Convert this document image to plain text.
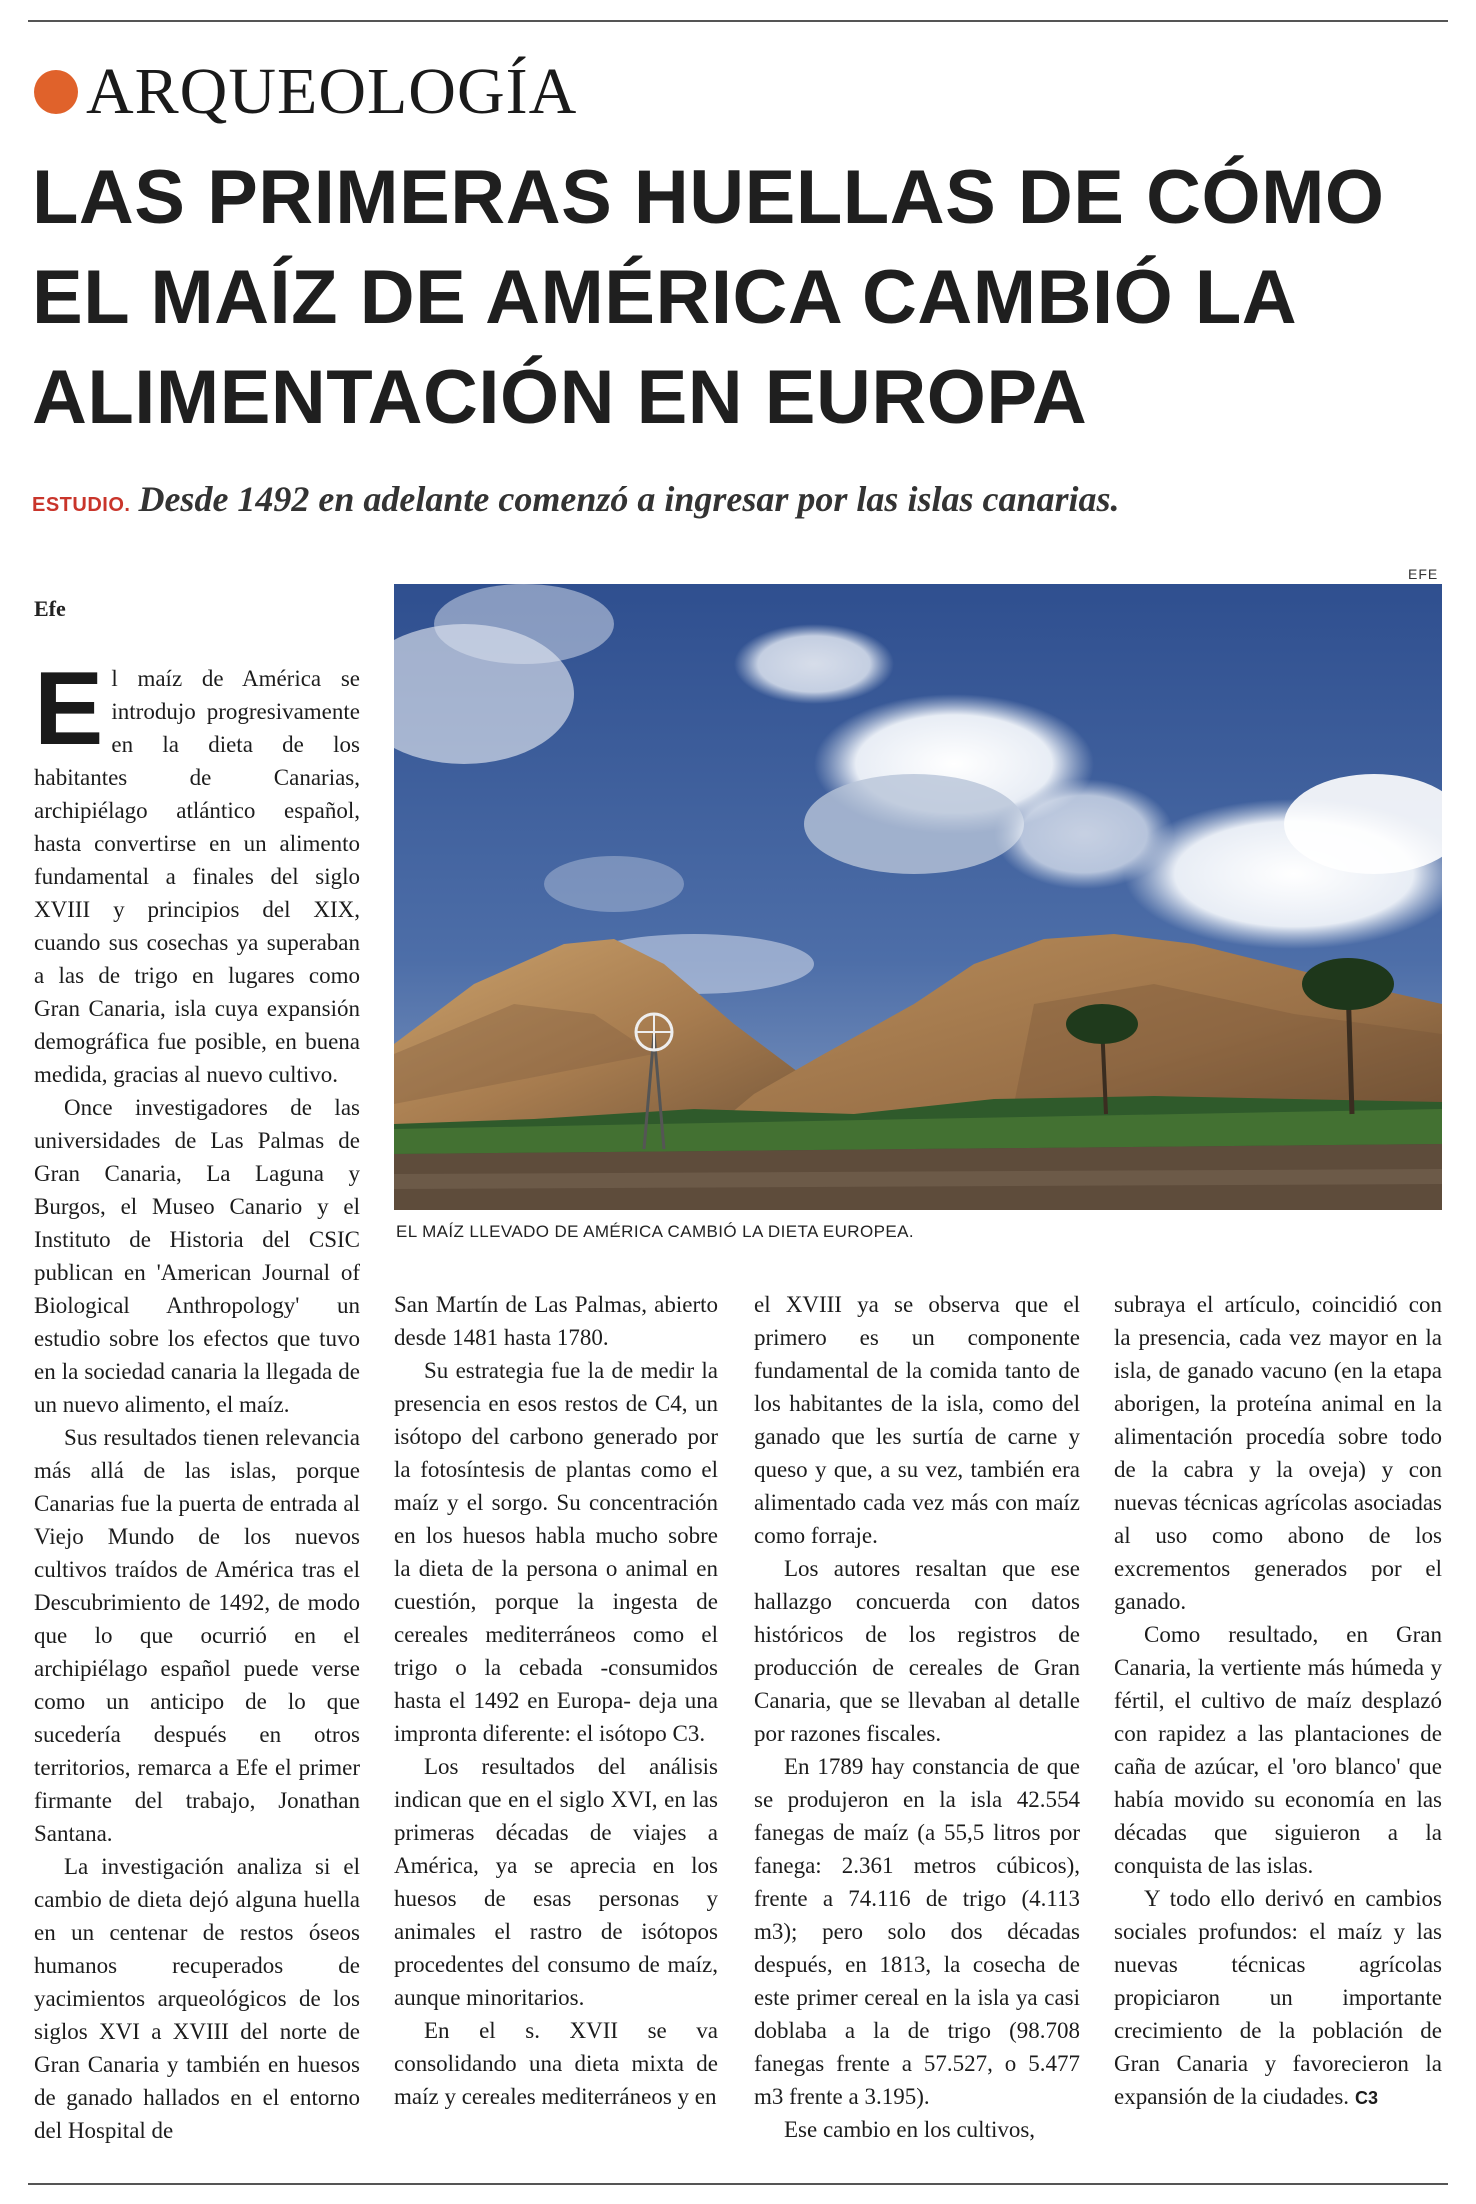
ARQUEOLOGÍA
LAS PRIMERAS HUELLAS DE CÓMO
EL MAÍZ DE AMÉRICA CAMBIÓ LA
ALIMENTACIÓN EN EUROPA
ESTUDIO. Desde 1492 en adelante comenzó a ingresar por las islas canarias.
Efe
EFE
EL MAÍZ LLEVADO DE AMÉRICA CAMBIÓ LA DIETA EUROPEA.

El maíz de América se introdujo progresivamente en la dieta de los habitantes de Canarias, archipiélago atlántico español, hasta convertirse en un alimento fundamental a finales del siglo XVIII y principios del XIX, cuando sus cosechas ya superaban a las de trigo en lugares como Gran Canaria, isla cuya expansión demográfica fue posible, en buena medida, gracias al nuevo cultivo.

Once investigadores de las universidades de Las Palmas de Gran Canaria, La Laguna y Burgos, el Museo Canario y el Instituto de Historia del CSIC publican en 'American Journal of Biological Anthropology' un estudio sobre los efectos que tuvo en la sociedad canaria la llegada de un nuevo alimento, el maíz.

Sus resultados tienen relevancia más allá de las islas, porque Canarias fue la puerta de entrada al Viejo Mundo de los nuevos cultivos traídos de América tras el Descubrimiento de 1492, de modo que lo que ocurrió en el archipiélago español puede verse como un anticipo de lo que sucedería después en otros territorios, remarca a Efe el primer firmante del trabajo, Jonathan Santana.

La investigación analiza si el cambio de dieta dejó alguna huella en un centenar de restos óseos humanos recuperados de yacimientos arqueológicos de los siglos XVI a XVIII del norte de Gran Canaria y también en huesos de ganado hallados en el entorno del Hospital de

San Martín de Las Palmas, abierto desde 1481 hasta 1780.

Su estrategia fue la de medir la presencia en esos restos de C4, un isótopo del carbono generado por la fotosíntesis de plantas como el maíz y el sorgo. Su concentración en los huesos habla mucho sobre la dieta de la persona o animal en cuestión, porque la ingesta de cereales mediterráneos como el trigo o la cebada -consumidos hasta el 1492 en Europa- deja una impronta diferente: el isótopo C3.

Los resultados del análisis indican que en el siglo XVI, en las primeras décadas de viajes a América, ya se aprecia en los huesos de esas personas y animales el rastro de isótopos procedentes del consumo de maíz, aunque minoritarios.

En el s. XVII se va consolidando una dieta mixta de maíz y cereales mediterráneos y en

el XVIII ya se observa que el primero es un componente fundamental de la comida tanto de los habitantes de la isla, como del ganado que les surtía de carne y queso y que, a su vez, también era alimentado cada vez más con maíz como forraje.

Los autores resaltan que ese hallazgo concuerda con datos históricos de los registros de producción de cereales de Gran Canaria, que se llevaban al detalle por razones fiscales.

En 1789 hay constancia de que se produjeron en la isla 42.554 fanegas de maíz (a 55,5 litros por fanega: 2.361 metros cúbicos), frente a 74.116 de trigo (4.113 m3); pero solo dos décadas después, en 1813, la cosecha de este primer cereal en la isla ya casi doblaba a la de trigo (98.708 fanegas frente a 57.527, o 5.477 m3 frente a 3.195).

Ese cambio en los cultivos,

subraya el artículo, coincidió con la presencia, cada vez mayor en la isla, de ganado vacuno (en la etapa aborigen, la proteína animal en la alimentación procedía sobre todo de la cabra y la oveja) y con nuevas técnicas agrícolas asociadas al uso como abono de los excrementos generados por el ganado.

Como resultado, en Gran Canaria, la vertiente más húmeda y fértil, el cultivo de maíz desplazó con rapidez a las plantaciones de caña de azúcar, el 'oro blanco' que había movido su economía en las décadas que siguieron a la conquista de las islas.

Y todo ello derivó en cambios sociales profundos: el maíz y las nuevas técnicas agrícolas propiciaron un importante crecimiento de la población de Gran Canaria y favorecieron la expansión de la ciudades. C3
